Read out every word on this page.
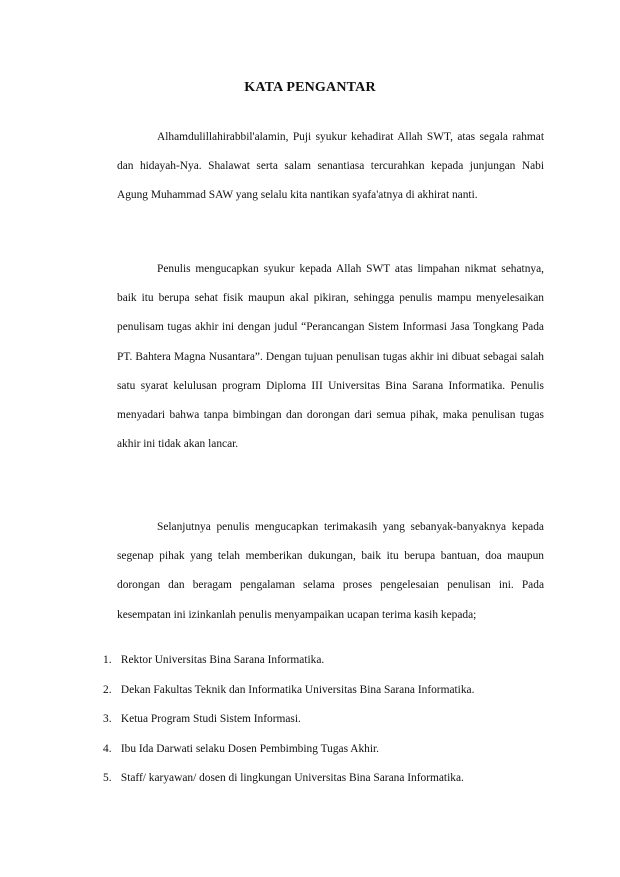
KATA PENGANTAR

Alhamdulillahirabbil'alamin, Puji syukur kehadirat Allah SWT, atas segala rahmat dan hidayah-Nya. Shalawat serta salam senantiasa tercurahkan kepada junjungan Nabi Agung Muhammad SAW yang selalu kita nantikan syafa'atnya di akhirat nanti.

Penulis mengucapkan syukur kepada Allah SWT atas limpahan nikmat sehatnya, baik itu berupa sehat fisik maupun akal pikiran, sehingga penulis mampu menyelesaikan penulisam tugas akhir ini dengan judul “Perancangan Sistem Informasi Jasa Tongkang Pada PT. Bahtera Magna Nusantara”. Dengan tujuan penulisan tugas akhir ini dibuat sebagai salah satu syarat kelulusan program Diploma III Universitas Bina Sarana Informatika. Penulis menyadari bahwa tanpa bimbingan dan dorongan dari semua pihak, maka penulisan tugas akhir ini tidak akan lancar.

Selanjutnya penulis mengucapkan terimakasih yang sebanyak-banyaknya kepada segenap pihak yang telah memberikan dukungan, baik itu berupa bantuan, doa maupun dorongan dan beragam pengalaman selama proses pengelesaian penulisan ini. Pada kesempatan ini izinkanlah penulis menyampaikan ucapan terima kasih kepada;

1. Rektor Universitas Bina Sarana Informatika.
2. Dekan Fakultas Teknik dan Informatika Universitas Bina Sarana Informatika.
3. Ketua Program Studi Sistem Informasi.
4. Ibu Ida Darwati selaku Dosen Pembimbing Tugas Akhir.
5. Staff/ karyawan/ dosen di lingkungan Universitas Bina Sarana Informatika.
